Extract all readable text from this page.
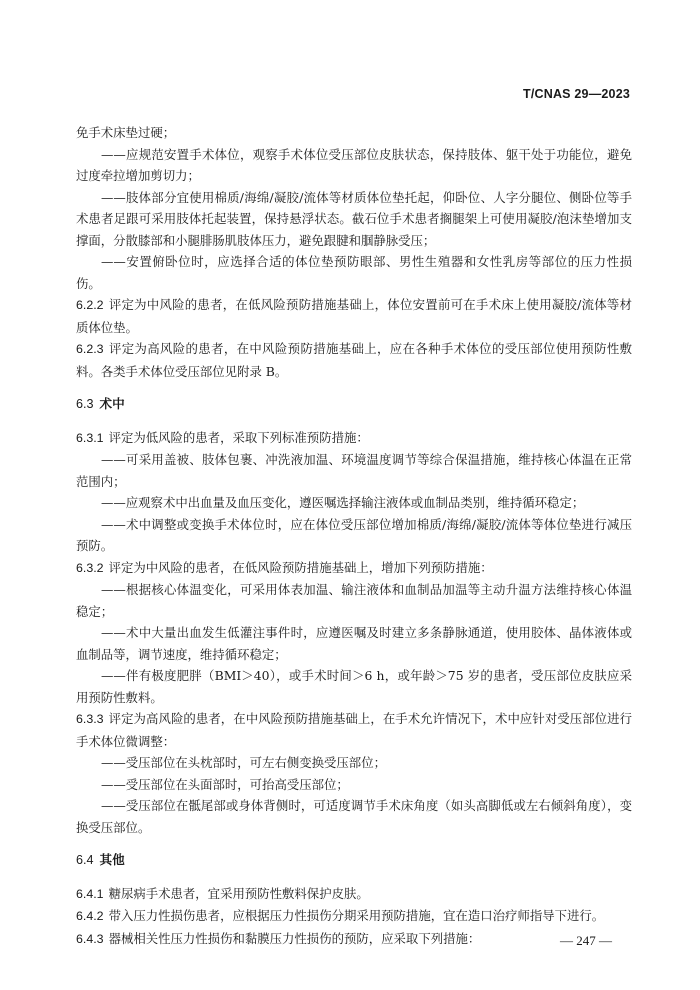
T/CNAS 29—2023

免手术床垫过硬；

——应规范安置手术体位，观察手术体位受压部位皮肤状态，保持肢体、躯干处于功能位，避免过度牵拉增加剪切力；

——肢体部分宜使用棉质/海绵/凝胶/流体等材质体位垫托起，仰卧位、人字分腿位、侧卧位等手术患者足跟可采用肢体托起装置，保持悬浮状态。截石位手术患者搁腿架上可使用凝胶/泡沫垫增加支撑面，分散膝部和小腿腓肠肌肢体压力，避免跟腱和腘静脉受压；

——安置俯卧位时，应选择合适的体位垫预防眼部、男性生殖器和女性乳房等部位的压力性损伤。

6.2.2 评定为中风险的患者，在低风险预防措施基础上，体位安置前可在手术床上使用凝胶/流体等材质体位垫。

6.2.3 评定为高风险的患者，在中风险预防措施基础上，应在各种手术体位的受压部位使用预防性敷料。各类手术体位受压部位见附录 B。

6.3 术中

6.3.1 评定为低风险的患者，采取下列标准预防措施：

——可采用盖被、肢体包裹、冲洗液加温、环境温度调节等综合保温措施，维持核心体温在正常范围内；

——应观察术中出血量及血压变化，遵医嘱选择输注液体或血制品类别，维持循环稳定；

——术中调整或变换手术体位时，应在体位受压部位增加棉质/海绵/凝胶/流体等体位垫进行减压预防。

6.3.2 评定为中风险的患者，在低风险预防措施基础上，增加下列预防措施：

——根据核心体温变化，可采用体表加温、输注液体和血制品加温等主动升温方法维持核心体温稳定；

——术中大量出血发生低灌注事件时，应遵医嘱及时建立多条静脉通道，使用胶体、晶体液体或血制品等，调节速度，维持循环稳定；

——伴有极度肥胖（BMI＞40），或手术时间＞6 h，或年龄＞75 岁的患者，受压部位皮肤应采用预防性敷料。

6.3.3 评定为高风险的患者，在中风险预防措施基础上，在手术允许情况下，术中应针对受压部位进行手术体位微调整：

——受压部位在头枕部时，可左右侧变换受压部位；

——受压部位在头面部时，可抬高受压部位；

——受压部位在骶尾部或身体背侧时，可适度调节手术床角度（如头高脚低或左右倾斜角度），变换受压部位。

6.4 其他

6.4.1 糖尿病手术患者，宜采用预防性敷料保护皮肤。

6.4.2 带入压力性损伤患者，应根据压力性损伤分期采用预防措施，宜在造口治疗师指导下进行。

6.4.3 器械相关性压力性损伤和黏膜压力性损伤的预防，应采取下列措施：	— 247 —
